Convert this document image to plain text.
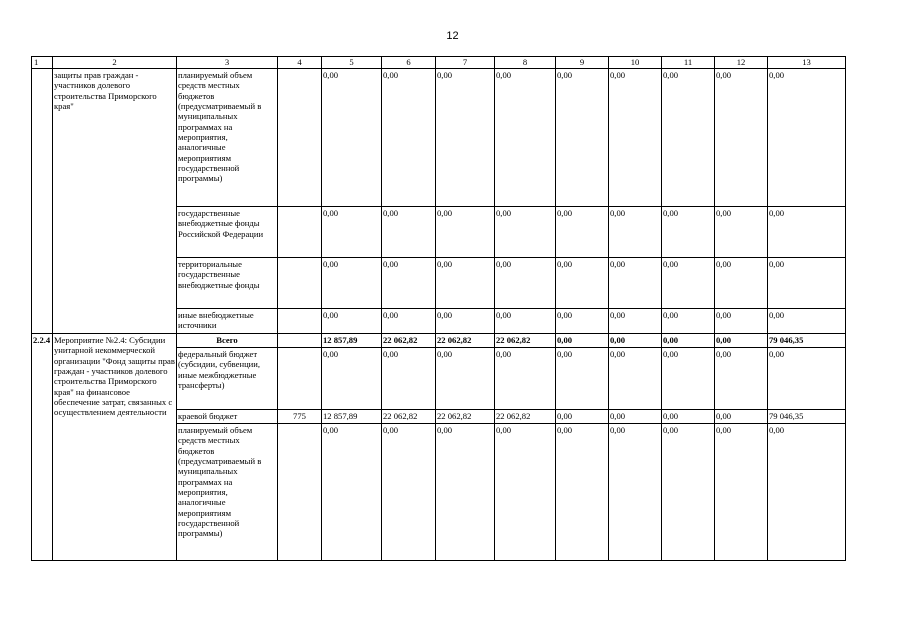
12
1	2	3	4	5	6	7	8	9	10	11	12	13
	защиты прав граждан - участников долевого строительства Приморского края"	планируемый объем средств местных бюджетов (предусматриваемый в муниципальных программах на мероприятия, аналогичные мероприятиям государственной программы)		0,00	0,00	0,00	0,00	0,00	0,00	0,00	0,00	0,00
		государственные внебюджетные фонды Российской Федерации		0,00	0,00	0,00	0,00	0,00	0,00	0,00	0,00	0,00
		территориальные государственные внебюджетные фонды		0,00	0,00	0,00	0,00	0,00	0,00	0,00	0,00	0,00
		иные внебюджетные источники		0,00	0,00	0,00	0,00	0,00	0,00	0,00	0,00	0,00
2.2.4	Мероприятие №2.4: Субсидии унитарной некоммерческой организации "Фонд защиты прав граждан - участников долевого строительства Приморского края" на финансовое обеспечение затрат, связанных с осуществлением деятельности	Всего		12 857,89	22 062,82	22 062,82	22 062,82	0,00	0,00	0,00	0,00	79 046,35
		федеральный бюджет (субсидии, субвенции, иные межбюджетные трансферты)		0,00	0,00	0,00	0,00	0,00	0,00	0,00	0,00	0,00
		краевой бюджет	775	12 857,89	22 062,82	22 062,82	22 062,82	0,00	0,00	0,00	0,00	79 046,35
		планируемый объем средств местных бюджетов (предусматриваемый в муниципальных программах на мероприятия, аналогичные мероприятиям государственной программы)		0,00	0,00	0,00	0,00	0,00	0,00	0,00	0,00	0,00
